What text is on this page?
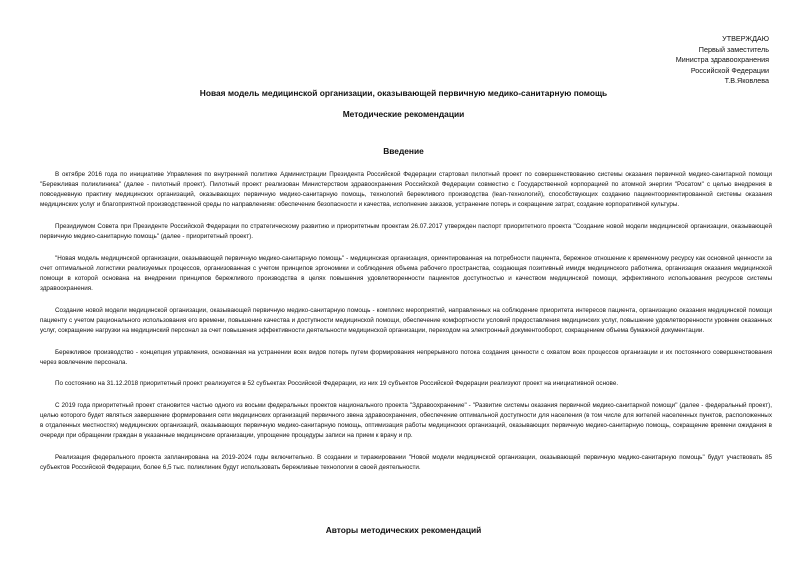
УТВЕРЖДАЮ
Первый заместитель
Министра здравоохранения
Российской Федерации
Т.В.Яковлева
Новая модель медицинской организации, оказывающей первичную медико-санитарную помощь
Методические рекомендации
Введение

В октябре 2016 года по инициативе Управления по внутренней политике Администрации Президента Российской Федерации стартовал пилотный проект по совершенствованию системы оказания первичной медико-санитарной помощи "Бережливая поликлиника" (далее - пилотный проект). Пилотный проект реализован Министерством здравоохранения Российской Федерации совместно с Государственной корпорацией по атомной энергии "Росатом" с целью внедрения в повседневную практику медицинских организаций, оказывающих первичную медико-санитарную помощь, технологий бережливого производства (lean-технологий), способствующих созданию пациентоориентированной системы оказания медицинских услуг и благоприятной производственной среды по направлениям: обеспечение безопасности и качества, исполнение заказов, устранение потерь и сокращение затрат, создание корпоративной культуры.

Президиумом Совета при Президенте Российской Федерации по стратегическому развитию и приоритетным проектам 26.07.2017 утвержден паспорт приоритетного проекта "Создание новой модели медицинской организации, оказывающей первичную медико-санитарную помощь" (далее - приоритетный проект).

"Новая модель медицинской организации, оказывающей первичную медико-санитарную помощь" - медицинская организация, ориентированная на потребности пациента, бережное отношение к временному ресурсу как основной ценности за счет оптимальной логистики реализуемых процессов, организованная с учетом принципов эргономики и соблюдения объема рабочего пространства, создающая позитивный имидж медицинского работника, организация оказания медицинской помощи в которой основана на внедрении принципов бережливого производства в целях повышения удовлетворенности пациентов доступностью и качеством медицинской помощи, эффективного использования ресурсов системы здравоохранения.

Создание новой модели медицинской организации, оказывающей первичную медико-санитарную помощь - комплекс мероприятий, направленных на соблюдение приоритета интересов пациента, организацию оказания медицинской помощи пациенту с учетом рационального использования его времени, повышение качества и доступности медицинской помощи, обеспечение комфортности условий предоставления медицинских услуг, повышение удовлетворенности уровнем оказанных услуг, сокращение нагрузки на медицинский персонал за счет повышения эффективности деятельности медицинской организации, переходом на электронный документооборот, сокращением объема бумажной документации.

Бережливое производство - концепция управления, основанная на устранении всех видов потерь путем формирования непрерывного потока создания ценности с охватом всех процессов организации и их постоянного совершенствования через вовлечение персонала.

По состоянию на 31.12.2018 приоритетный проект реализуется в 52 субъектах Российской Федерации, из них 19 субъектов Российской Федерации реализуют проект на инициативной основе.

С 2019 года приоритетный проект становится частью одного из восьми федеральных проектов национального проекта "Здравоохранение" - "Развитие системы оказания первичной медико-санитарной помощи" (далее - федеральный проект), целью которого будет являться завершение формирования сети медицинских организаций первичного звена здравоохранения, обеспечение оптимальной доступности для населения (в том числе для жителей населенных пунктов, расположенных в отдаленных местностях) медицинских организаций, оказывающих первичную медико-санитарную помощь, оптимизация работы медицинских организаций, оказывающих первичную медико-санитарную помощь, сокращение времени ожидания в очереди при обращении граждан в указанные медицинские организации, упрощение процедуры записи на прием к врачу и пр.

Реализация федерального проекта запланирована на 2019-2024 годы включительно. В создании и тиражировании "Новой модели медицинской организации, оказывающей первичную медико-санитарную помощь" будут участвовать 85 субъектов Российской Федерации, более 6,5 тыс. поликлиник будут использовать бережливые технологии в своей деятельности.

Авторы методических рекомендаций
